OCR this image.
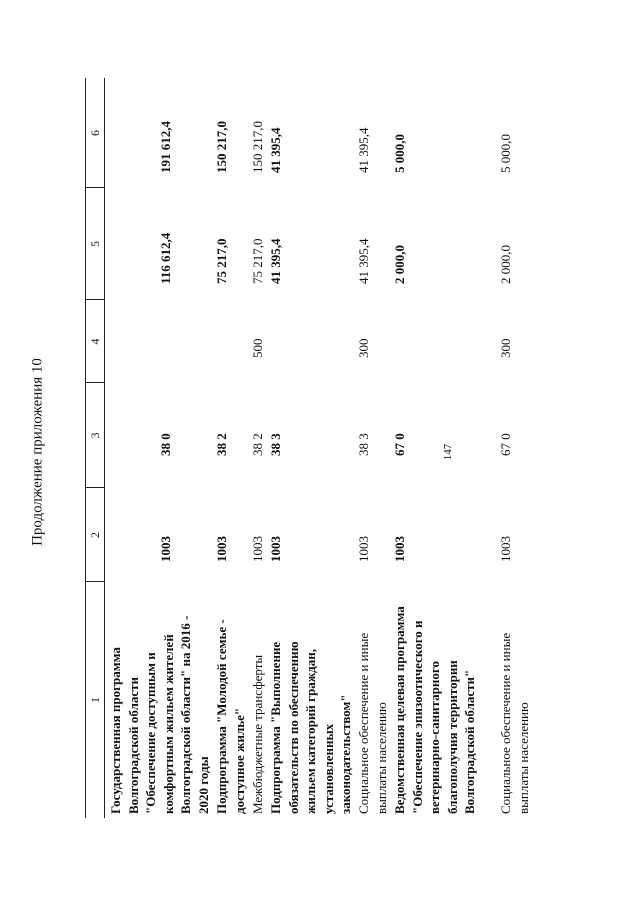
147
Продолжение приложения 10
1
2
3
4
5
6
Государственная программа Волгоградской области "Обеспечение доступным и комфортным жильем жителей Волгоградской области" на 2016 - 2020 годы
1003
38 0
116 612,4
191 612,4
Подпрограмма "Молодой семье - доступное жилье"
1003
38 2
75 217,0
150 217,0
Межбюджетные трансферты
1003
38 2
500
75 217,0
150 217,0
Подпрограмма "Выполнение обязательств по обеспечению жильем категорий граждан, установленных законодательством"
1003
38 3
41 395,4
41 395,4
Социальное обеспечение и иные выплаты населению
1003
38 3
300
41 395,4
41 395,4
Ведомственная целевая программа "Обеспечение эпизоотического и ветеринарно-санитарного благополучия территории Волгоградской области"
1003
67 0
2 000,0
5 000,0
Социальное обеспечение и иные выплаты населению
1003
67 0
300
2 000,0
5 000,0
